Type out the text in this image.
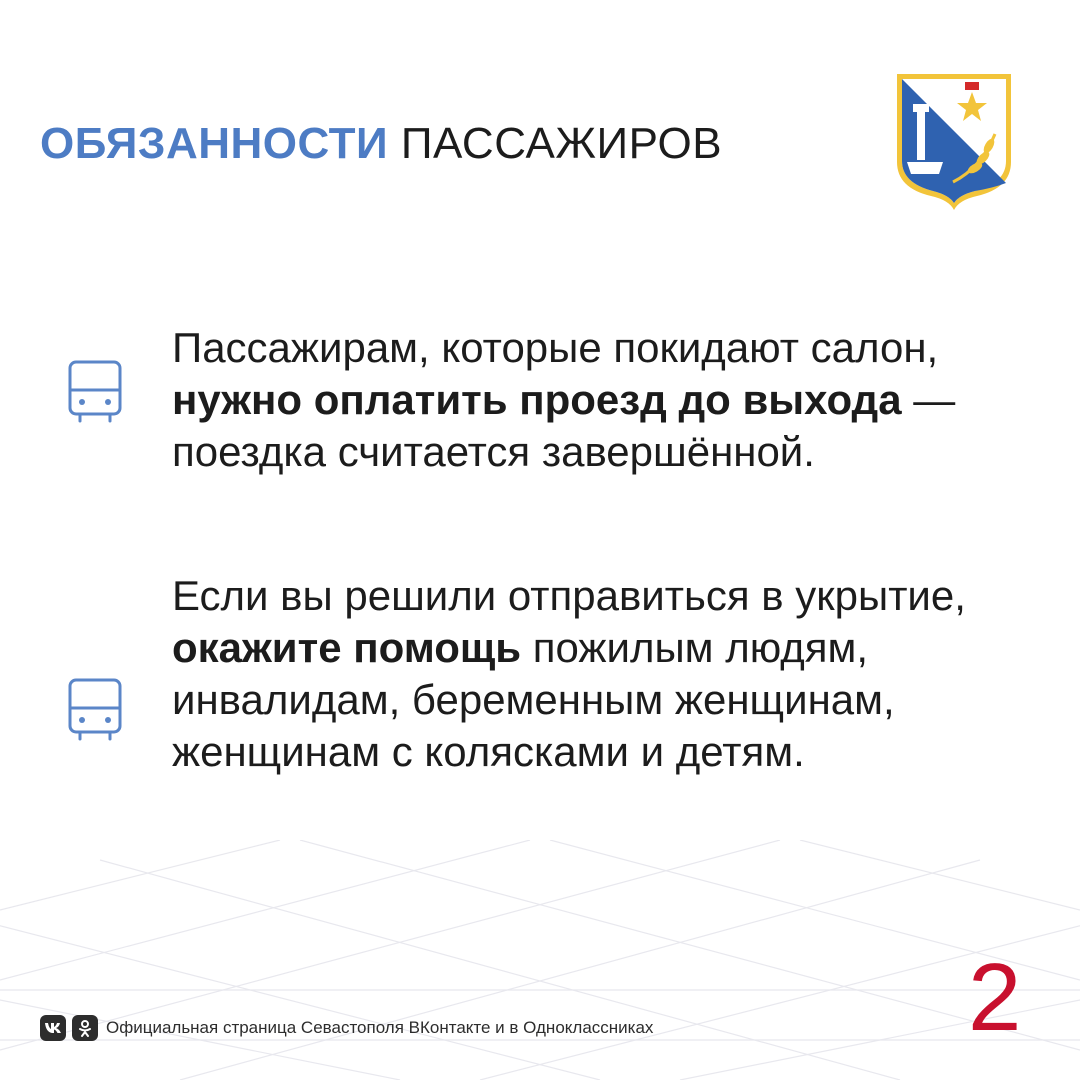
ОБЯЗАННОСТИ ПАССАЖИРОВ
Пассажирам, которые покидают салон, нужно оплатить проезд до выхода — поездка считается завершённой.
Если вы решили отправиться в укрытие, окажите помощь пожилым людям, инвалидам, беременным женщинам, женщинам с колясками и детям.
Официальная страница Севастополя ВКонтакте и в Одноклассниках	2
